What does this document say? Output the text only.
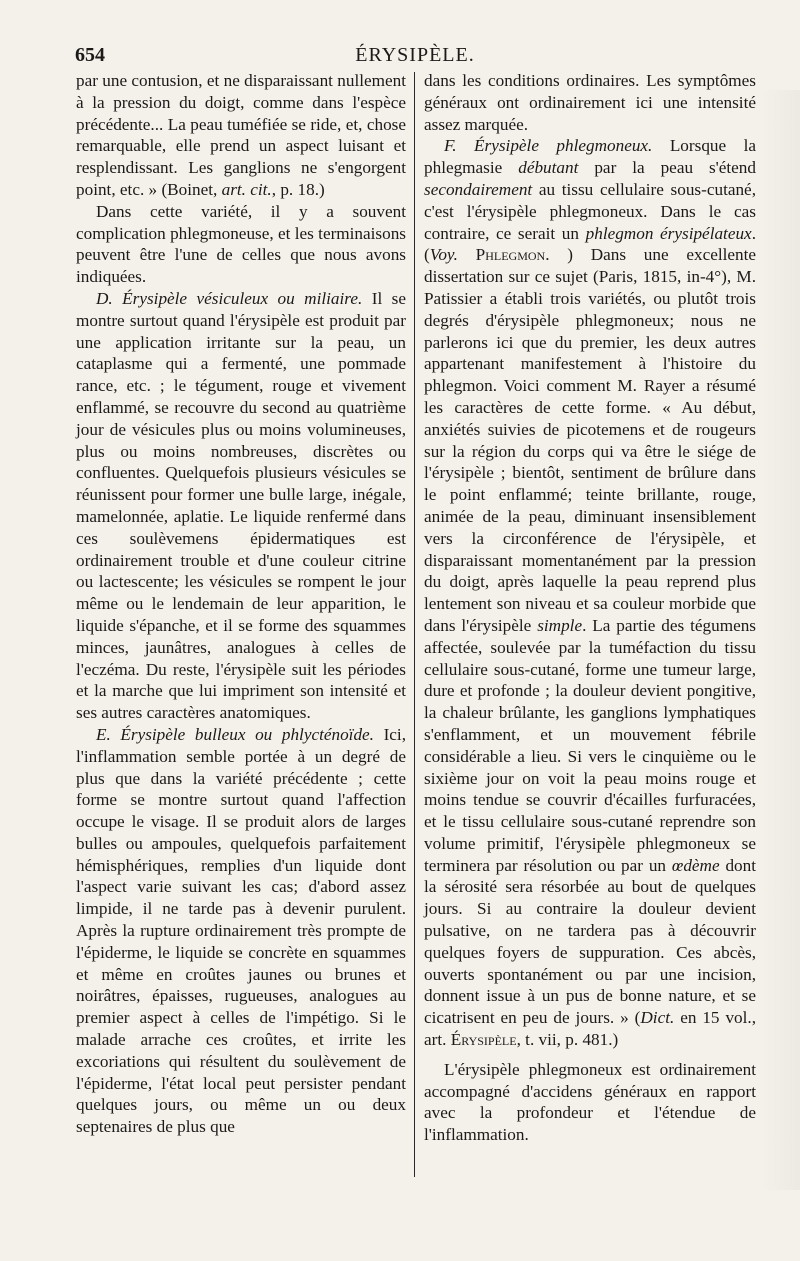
654	ÉRYSIPÈLE.

par une contusion, et ne disparaissant nullement à la pression du doigt, comme dans l'espèce précédente... La peau tuméfiée se ride, et, chose remarquable, elle prend un aspect luisant et resplendissant. Les ganglions ne s'engorgent point, etc. » (Boinet, art. cit., p. 18.)

Dans cette variété, il y a souvent complication phlegmoneuse, et les terminaisons peuvent être l'une de celles que nous avons indiquées.

D. Érysipèle vésiculeux ou miliaire. Il se montre surtout quand l'érysipèle est produit par une application irritante sur la peau, un cataplasme qui a fermenté, une pommade rance, etc. ; le tégument, rouge et vivement enflammé, se recouvre du second au quatrième jour de vésicules plus ou moins volumineuses, plus ou moins nombreuses, discrètes ou confluentes. Quelquefois plusieurs vésicules se réunissent pour former une bulle large, inégale, mamelonnée, aplatie. Le liquide renfermé dans ces soulèvemens épidermatiques est ordinairement trouble et d'une couleur citrine ou lactescente; les vésicules se rompent le jour même ou le lendemain de leur apparition, le liquide s'épanche, et il se forme des squammes minces, jaunâtres, analogues à celles de l'eczéma. Du reste, l'érysipèle suit les périodes et la marche que lui impriment son intensité et ses autres caractères anatomiques.

E. Érysipèle bulleux ou phlycténoïde. Ici, l'inflammation semble portée à un degré de plus que dans la variété précédente ; cette forme se montre surtout quand l'affection occupe le visage. Il se produit alors de larges bulles ou ampoules, quelquefois parfaitement hémisphériques, remplies d'un liquide dont l'aspect varie suivant les cas; d'abord assez limpide, il ne tarde pas à devenir purulent. Après la rupture ordinairement très prompte de l'épiderme, le liquide se concrète en squammes et même en croûtes jaunes ou brunes et noirâtres, épaisses, rugueuses, analogues au premier aspect à celles de l'impétigo. Si le malade arrache ces croûtes, et irrite les excoriations qui résultent du soulèvement de l'épiderme, l'état local peut persister pendant quelques jours, ou même un ou deux septenaires de plus que

dans les conditions ordinaires. Les symptômes généraux ont ordinairement ici une intensité assez marquée.

F. Érysipèle phlegmoneux. Lorsque la phlegmasie débutant par la peau s'étend secondairement au tissu cellulaire sous-cutané, c'est l'érysipèle phlegmoneux. Dans le cas contraire, ce serait un phlegmon érysipélateux. (Voy. Phlegmon. ) Dans une excellente dissertation sur ce sujet (Paris, 1815, in-4°), M. Patissier a établi trois variétés, ou plutôt trois degrés d'érysipèle phlegmoneux; nous ne parlerons ici que du premier, les deux autres appartenant manifestement à l'histoire du phlegmon. Voici comment M. Rayer a résumé les caractères de cette forme. « Au début, anxiétés suivies de picotemens et de rougeurs sur la région du corps qui va être le siége de l'érysipèle ; bientôt, sentiment de brûlure dans le point enflammé; teinte brillante, rouge, animée de la peau, diminuant insensiblement vers la circonférence de l'érysipèle, et disparaissant momentanément par la pression du doigt, après laquelle la peau reprend plus lentement son niveau et sa couleur morbide que dans l'érysipèle simple. La partie des tégumens affectée, soulevée par la tuméfaction du tissu cellulaire sous-cutané, forme une tumeur large, dure et profonde ; la douleur devient pongitive, la chaleur brûlante, les ganglions lymphatiques s'enflamment, et un mouvement fébrile considérable a lieu. Si vers le cinquième ou le sixième jour on voit la peau moins rouge et moins tendue se couvrir d'écailles furfuracées, et le tissu cellulaire sous-cutané reprendre son volume primitif, l'érysipèle phlegmoneux se terminera par résolution ou par un œdème dont la sérosité sera résorbée au bout de quelques jours. Si au contraire la douleur devient pulsative, on ne tardera pas à découvrir quelques foyers de suppuration. Ces abcès, ouverts spontanément ou par une incision, donnent issue à un pus de bonne nature, et se cicatrisent en peu de jours. » (Dict. en 15 vol., art. Érysipèle, t. vii, p. 481.)

L'érysipèle phlegmoneux est ordinairement accompagné d'accidens généraux en rapport avec la profondeur et l'étendue de l'inflammation.
